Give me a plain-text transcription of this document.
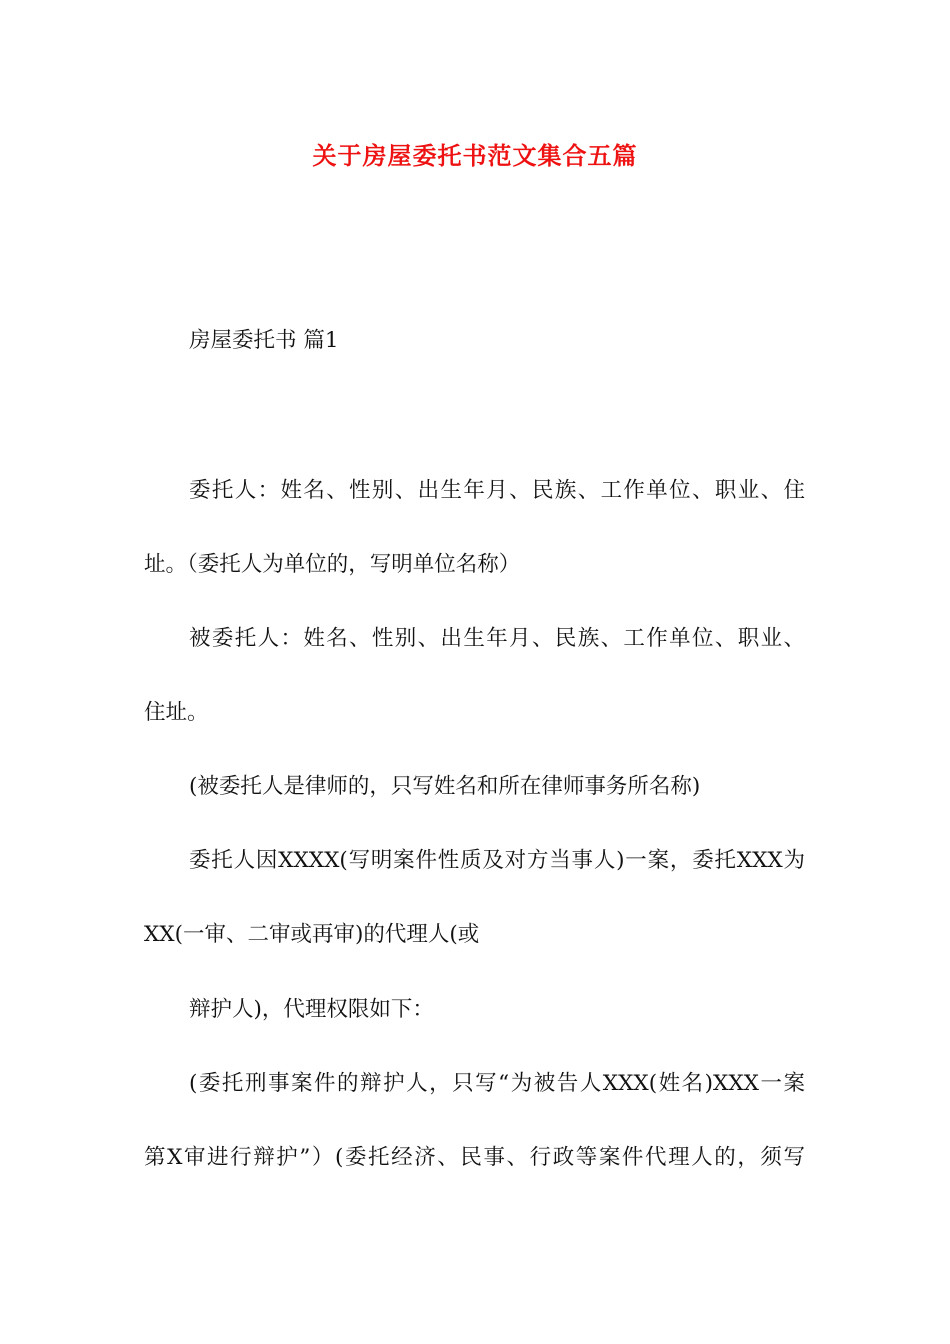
关于房屋委托书范文集合五篇
房屋委托书 篇1
委托人：姓名、性别、出生年月、民族、工作单位、职业、住
址。（委托人为单位的，写明单位名称）
被委托人：姓名、性别、出生年月、民族、工作单位、职业、
住址。
(被委托人是律师的，只写姓名和所在律师事务所名称)
委托人因XXXX(写明案件性质及对方当事人)一案，委托XXX为
XX(一审、二审或再审)的代理人(或
辩护人)，代理权限如下：
(委托刑事案件的辩护人，只写“为被告人XXX(姓名)XXX一案
第X审进行辩护”）(委托经济、民事、行政等案件代理人的，须写
